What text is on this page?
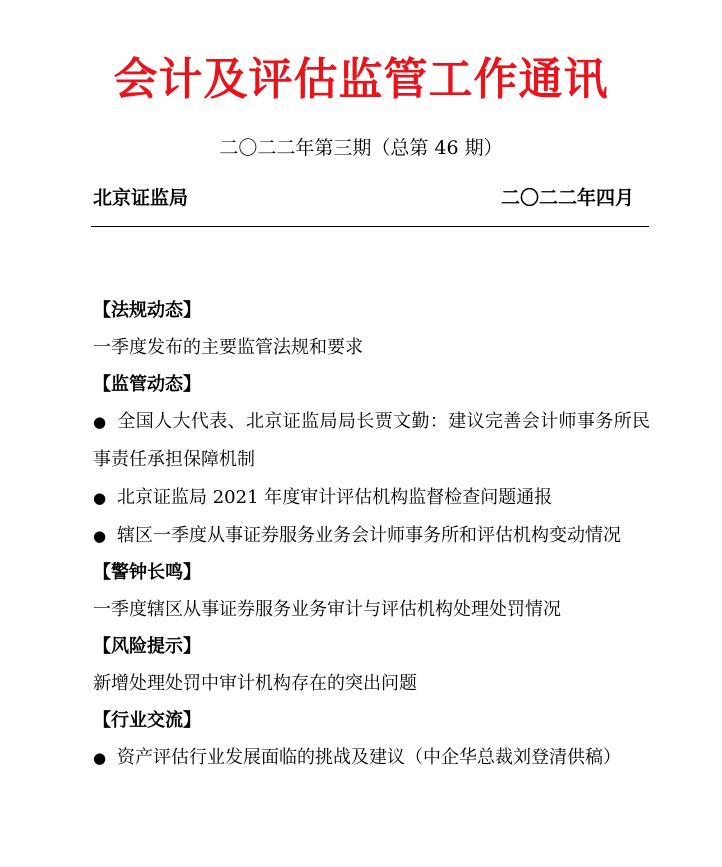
会计及评估监管工作通讯
二〇二二年第三期（总第 46 期）
北京证监局	二〇二二年四月
【法规动态】
一季度发布的主要监管法规和要求
【监管动态】
● 全国人大代表、北京证监局局长贾文勤：建议完善会计师事务所民事责任承担保障机制
● 北京证监局 2021 年度审计评估机构监督检查问题通报
● 辖区一季度从事证券服务业务会计师事务所和评估机构变动情况
【警钟长鸣】
一季度辖区从事证券服务业务审计与评估机构处理处罚情况
【风险提示】
新增处理处罚中审计机构存在的突出问题
【行业交流】
● 资产评估行业发展面临的挑战及建议（中企华总裁刘登清供稿）
